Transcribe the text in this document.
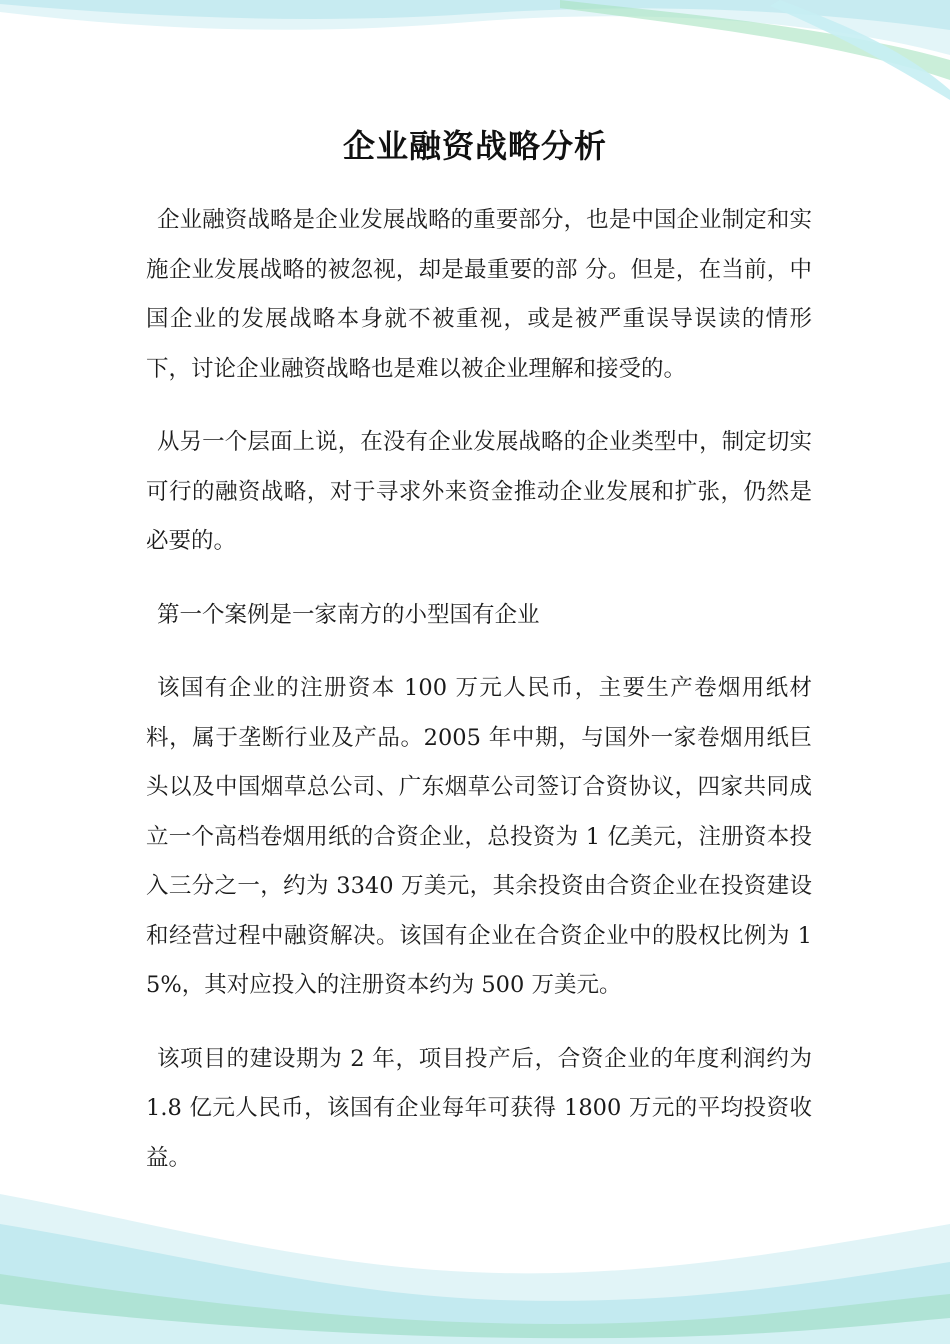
企业融资战略分析

企业融资战略是企业发展战略的重要部分，也是中国企业制定和实施企业发展战略的被忽视，却是最重要的部 分。但是，在当前，中国企业的发展战略本身就不被重视，或是被严重误导误读的情形下，讨论企业融资战略也是难以被企业理解和接受的。

从另一个层面上说，在没有企业发展战略的企业类型中，制定切实可行的融资战略，对于寻求外来资金推动企业发展和扩张，仍然是必要的。

第一个案例是一家南方的小型国有企业

该国有企业的注册资本 100 万元人民币，主要生产卷烟用纸材料，属于垄断行业及产品。2005 年中期，与国外一家卷烟用纸巨头以及中国烟草总公司、广东烟草公司签订合资协议，四家共同成立一个高档卷烟用纸的合资企业，总投资为 1 亿美元，注册资本投入三分之一，约为 3340 万美元，其余投资由合资企业在投资建设和经营过程中融资解决。该国有企业在合资企业中的股权比例为 15%，其对应投入的注册资本约为 500 万美元。

该项目的建设期为 2 年，项目投产后，合资企业的年度利润约为 1.8 亿元人民币，该国有企业每年可获得 1800 万元的平均投资收益。
